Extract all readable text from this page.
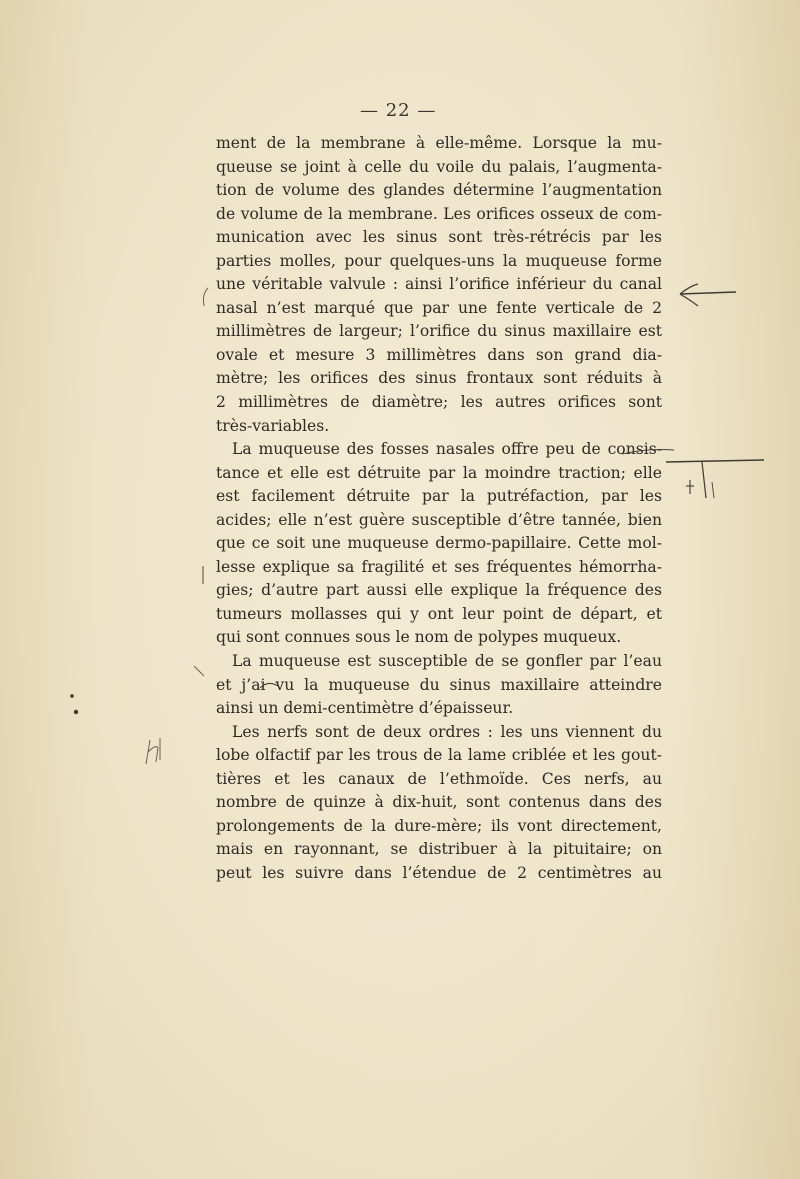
— 22 —
ment de la membrane à elle-même. Lorsque la mu-
queuse se joint à celle du voile du palais, l’augmenta-
tion de volume des glandes détermine l’augmentation
de volume de la membrane. Les orifices osseux de com-
munication avec les sinus sont très-rétrécis par les
parties molles, pour quelques-uns la muqueuse forme
une véritable valvule : ainsi l’orifice inférieur du canal
nasal n’est marqué que par une fente verticale de 2
millimètres de largeur; l’orifice du sinus maxillaire est
ovale et mesure 3 millimètres dans son grand dia-
mètre; les orifices des sinus frontaux sont réduits à
2 millimètres de diamètre; les autres orifices sont
très-variables.
La muqueuse des fosses nasales offre peu de consis-
tance et elle est détruite par la moindre traction; elle
est facilement détruite par la putréfaction, par les
acides; elle n’est guère susceptible d’être tannée, bien
que ce soit une muqueuse dermo-papillaire. Cette mol-
lesse explique sa fragilité et ses fréquentes hémorrha-
gies; d’autre part aussi elle explique la fréquence des
tumeurs mollasses qui y ont leur point de départ, et
qui sont connues sous le nom de polypes muqueux.
La muqueuse est susceptible de se gonfler par l’eau
et j’ai vu la muqueuse du sinus maxillaire atteindre
ainsi un demi-centimètre d’épaisseur.
Les nerfs sont de deux ordres : les uns viennent du
lobe olfactif par les trous de la lame criblée et les gout-
tières et les canaux de l’ethmoïde. Ces nerfs, au
nombre de quinze à dix-huit, sont contenus dans des
prolongements de la dure-mère; ils vont directement,
mais en rayonnant, se distribuer à la pituitaire; on
peut les suivre dans l’étendue de 2 centimètres au
